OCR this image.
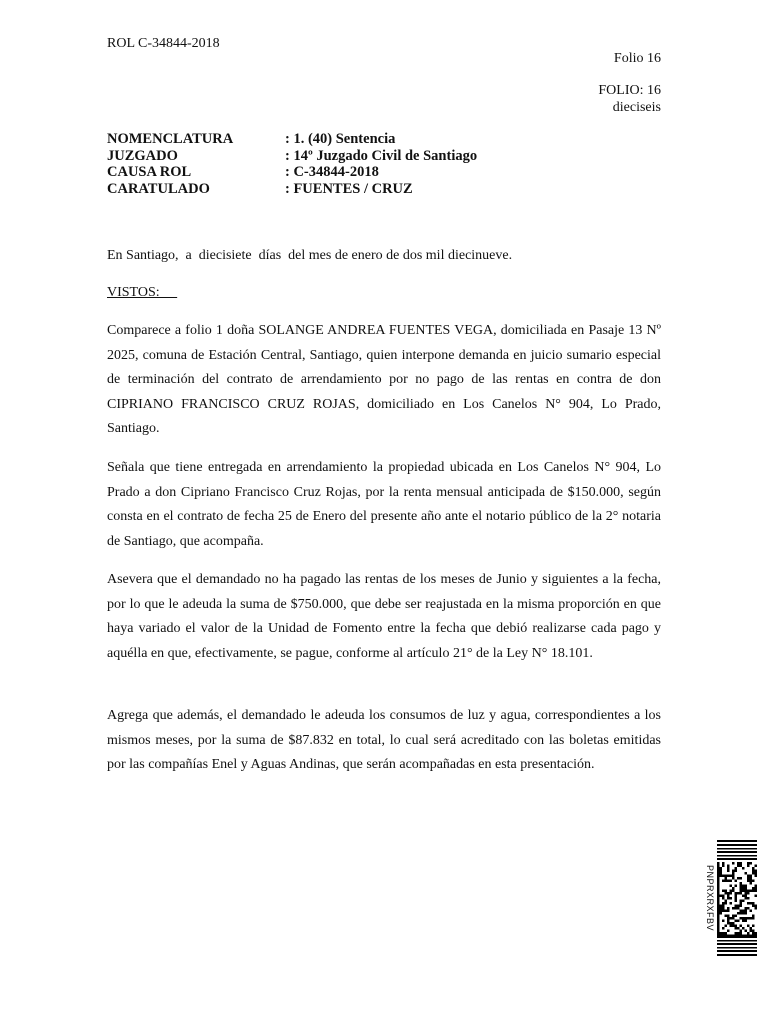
ROL C-34844-2018
Folio 16
FOLIO: 16
dieciseis
NOMENCLATURA	: 1. (40) Sentencia
JUZGADO	: 14º Juzgado Civil de Santiago
CAUSA ROL	: C-34844-2018
CARATULADO	: FUENTES / CRUZ
En Santiago,  a  diecisiete  días  del mes de enero de dos mil diecinueve.
VISTOS:
Comparece a folio 1 doña SOLANGE ANDREA FUENTES VEGA, domiciliada en Pasaje 13 Nº 2025, comuna de Estación Central, Santiago, quien interpone demanda en juicio sumario especial de terminación del contrato de arrendamiento por no pago de las rentas en contra de don CIPRIANO FRANCISCO CRUZ ROJAS, domiciliado en Los Canelos N° 904, Lo Prado, Santiago.
Señala que tiene entregada en arrendamiento la propiedad ubicada en Los Canelos N° 904, Lo Prado a don Cipriano Francisco Cruz Rojas, por la renta mensual anticipada de $150.000, según consta en el contrato de fecha 25 de Enero del presente año ante el notario público de la 2° notaria de Santiago, que acompaña.
Asevera que el demandado no ha pagado las rentas de los meses de Junio y siguientes a la fecha, por lo que le adeuda la suma de $750.000, que debe ser reajustada en la misma proporción en que haya variado el valor de la Unidad de Fomento entre la fecha que debió realizarse cada pago y aquélla en que, efectivamente, se pague, conforme al artículo 21° de la Ley N° 18.101.
Agrega que además, el demandado le adeuda los consumos de luz y agua, correspondientes a los mismos meses, por la suma de $87.832 en total, lo cual será acreditado con las boletas emitidas por las compañías Enel y Aguas Andinas, que serán acompañadas en esta presentación.
PNPRXRXFBV
